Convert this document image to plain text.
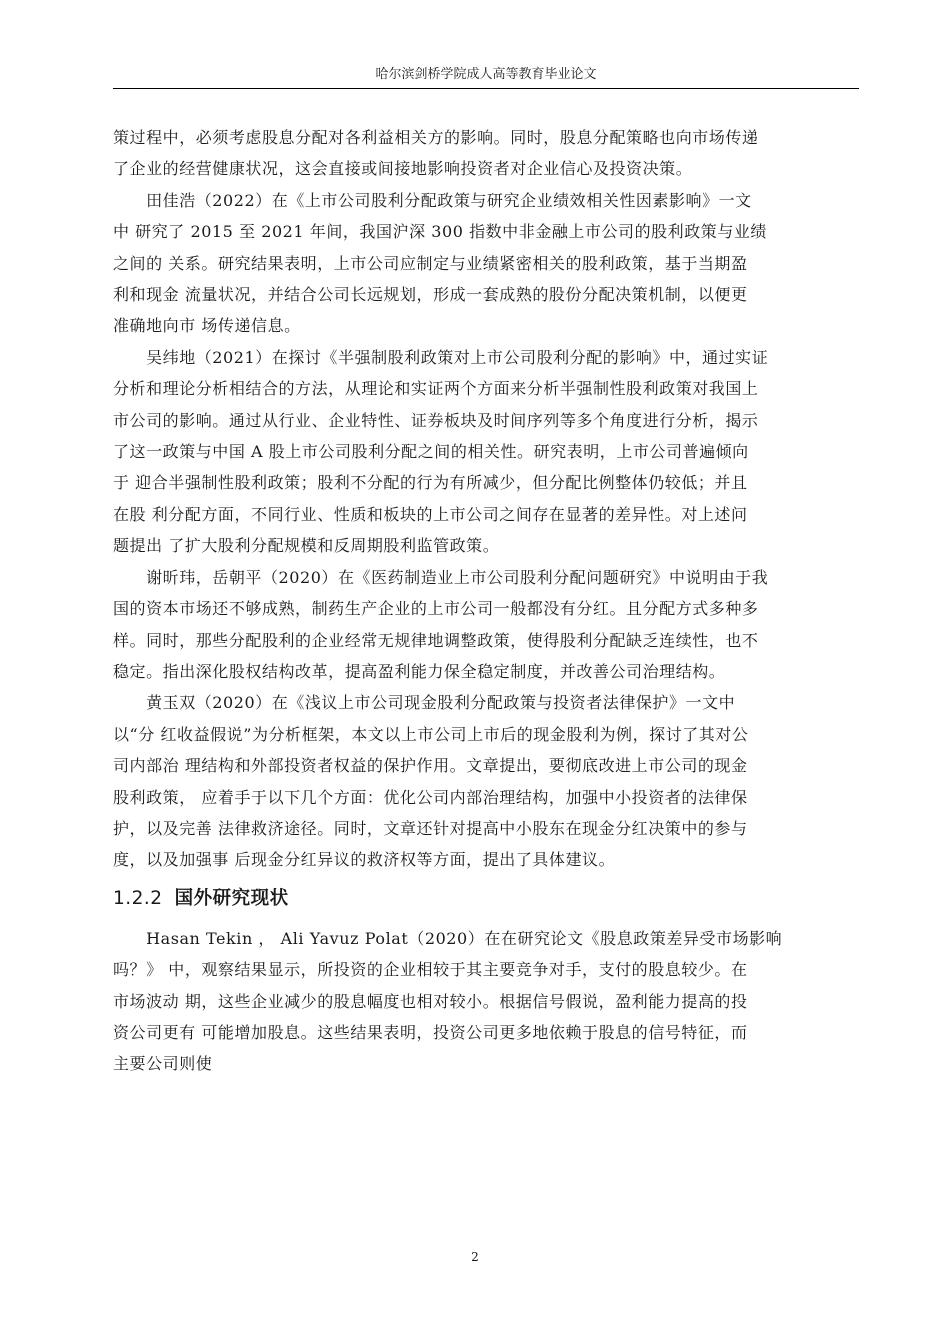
哈尔滨剑桥学院成人高等教育毕业论文

策过程中，必须考虑股息分配对各利益相关方的影响。同时，股息分配策略也向市场传递
了企业的经营健康状况，这会直接或间接地影响投资者对企业信心及投资决策。

　　田佳浩（2022）在《上市公司股利分配政策与研究企业绩效相关性因素影响》一文
中 研究了 2015 至 2021 年间，我国沪深 300 指数中非金融上市公司的股利政策与业绩
之间的 关系。研究结果表明，上市公司应制定与业绩紧密相关的股利政策，基于当期盈
利和现金 流量状况，并结合公司长远规划，形成一套成熟的股份分配决策机制，以便更
准确地向市 场传递信息。

　　吴纬地（2021）在探讨《半强制股利政策对上市公司股利分配的影响》中，通过实证
分析和理论分析相结合的方法，从理论和实证两个方面来分析半强制性股利政策对我国上
市公司的影响。通过从行业、企业特性、证券板块及时间序列等多个角度进行分析，揭示
了这一政策与中国 A 股上市公司股利分配之间的相关性。研究表明，上市公司普遍倾向
于 迎合半强制性股利政策；股利不分配的行为有所减少，但分配比例整体仍较低；并且
在股 利分配方面，不同行业、性质和板块的上市公司之间存在显著的差异性。对上述问
题提出 了扩大股利分配规模和反周期股利监管政策。

　　谢昕玮，岳朝平（2020）在《医药制造业上市公司股利分配问题研究》中说明由于我
国的资本市场还不够成熟，制药生产企业的上市公司一般都没有分红。且分配方式多种多
样。同时，那些分配股利的企业经常无规律地调整政策，使得股利分配缺乏连续性，也不
稳定。指出深化股权结构改革，提高盈利能力保全稳定制度，并改善公司治理结构。

　　黄玉双（2020）在《浅议上市公司现金股利分配政策与投资者法律保护》一文中
以“分 红收益假说”为分析框架，本文以上市公司上市后的现金股利为例，探讨了其对公
司内部治 理结构和外部投资者权益的保护作用。文章提出，要彻底改进上市公司的现金
股利政策， 应着手于以下几个方面：优化公司内部治理结构，加强中小投资者的法律保
护，以及完善 法律救济途径。同时，文章还针对提高中小股东在现金分红决策中的参与
度，以及加强事 后现金分红异议的救济权等方面，提出了具体建议。

1.2.2 国外研究现状

　　Hasan Tekin ， Ali Yavuz Polat（2020）在在研究论文《股息政策差异受市场影响
吗？》 中，观察结果显示，所投资的企业相较于其主要竞争对手，支付的股息较少。在
市场波动 期，这些企业减少的股息幅度也相对较小。根据信号假说，盈利能力提高的投
资公司更有 可能增加股息。这些结果表明，投资公司更多地依赖于股息的信号特征，而
主要公司则使

2
